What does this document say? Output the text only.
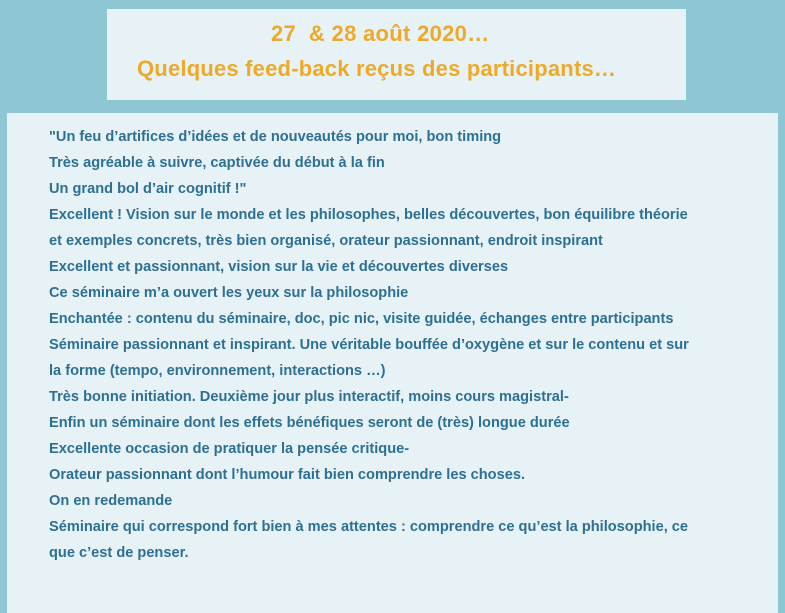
27 & 28 août 2020…
Quelques feed-back reçus des participants…
"Un feu d’artifices d’idées et de nouveautés pour moi, bon timing
Très agréable à suivre, captivée du début à la fin
Un grand bol d’air cognitif !"
Excellent ! Vision sur le monde et les philosophes, belles découvertes, bon équilibre théorie
et exemples concrets, très bien organisé, orateur passionnant, endroit inspirant
Excellent et passionnant, vision sur la vie et découvertes diverses
Ce séminaire m’a ouvert les yeux sur la philosophie
Enchantée : contenu du séminaire, doc, pic nic, visite guidée, échanges entre participants
Séminaire passionnant et inspirant. Une véritable bouffée d’oxygène et sur le contenu et sur
la forme (tempo, environnement, interactions …)
Très bonne initiation. Deuxième jour plus interactif, moins cours magistral-
Enfin un séminaire dont les effets bénéfiques seront de (très) longue durée
Excellente occasion de pratiquer la pensée critique-
Orateur passionnant dont l’humour fait bien comprendre les choses.
On en redemande
Séminaire qui correspond fort bien à mes attentes : comprendre ce qu’est la philosophie, ce
que c’est de penser.
